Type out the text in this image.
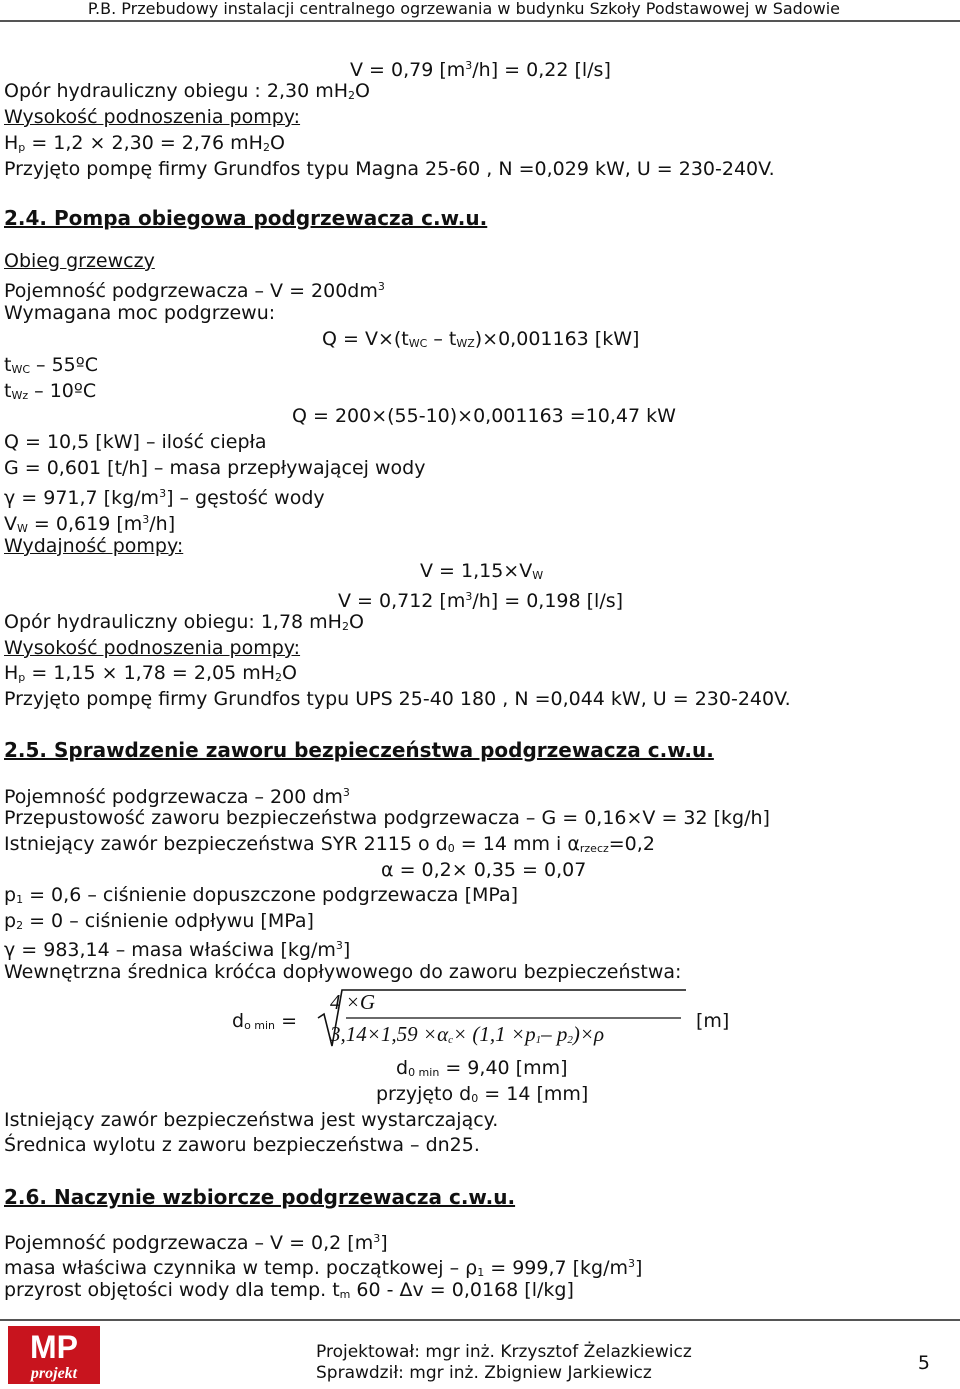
P.B. Przebudowy instalacji centralnego ogrzewania w budynku Szkoły Podstawowej w Sadowie
V = 0,79 $[m^3/h] = 0,22$ [l/s]
Opór hydrauliczny obiegu : 2,30 $mH_2O$
Wysokość podnoszenia pompy:
$H_p = 1,2 \times 2,30 = 2,76$ $mH_2O$
Przyjęto pompę firmy Grundfos typu Magna 25-60 , N =0,029 kW, U = 230-240V.
2.4. Pompa obiegowa podgrzewacza c.w.u.
Obieg grzewczy
Pojemność podgrzewacza – $V = 200dm^3$
Wymagana moc podgrzewu:
$Q = V\times(t_{WC} - t_{WZ})\times 0,001163$ [kW]
$t_{WC}$ – 55ºC
$t_{Wz}$ – 10ºC
Q = 200×(55-10)×0,001163 =10,47 kW
Q = 10,5 [kW] – ilość ciepła
G = 0,601 [t/h] – masa przepływającej wody
γ = 971,7 $[kg/m^3]$ – gęstość wody
$V_W = 0,619$ $[m^3/h]$
Wydajność pompy:
$V = 1,15\times V_W$
V = 0,712 $[m^3/h] = 0,198$ [l/s]
Opór hydrauliczny obiegu: 1,78 $mH_2O$
Wysokość podnoszenia pompy:
$H_p = 1,15 \times 1,78 = 2,05$ $mH_2O$
Przyjęto pompę firmy Grundfos typu UPS 25-40 180 , N =0,044 kW, U = 230-240V.
2.5. Sprawdzenie zaworu bezpieczeństwa podgrzewacza c.w.u.
Pojemność podgrzewacza – 200 $dm^3$
Przepustowość zaworu bezpieczeństwa podgrzewacza – G = 0,16×V = 32 [kg/h]
Istniejący zawór bezpieczeństwa SYR 2115 o $d_0 = 14$ mm i $\alpha_{rzecz}=0,2$
α = 0,2× 0,35 = 0,07
$p_1 = 0,6$ – ciśnienie dopuszczone podgrzewacza [MPa]
$p_2 = 0$ – ciśnienie odpływu [MPa]
γ = 983,14 – masa właściwa $[kg/m^3]$
Wewnętrzna średnica króćca dopływowego do zaworu bezpieczeństwa:
$d_{o min}$ =
4 ×G
$3,14\times 1,59 \times\alpha_c\times (1,1 \times p_1-$ $p_2)\times\rho$
[m]
$d_{0 min} = 9,40$ [mm]
przyjęto $d_0 = 14$ [mm]
Istniejący zawór bezpieczeństwa jest wystarczający.
Średnica wylotu z zaworu bezpieczeństwa – dn25.
2.6. Naczynie wzbiorcze podgrzewacza c.w.u.
Pojemność podgrzewacza – V = 0,2 $[m^3]$
masa właściwa czynnika w temp. początkowej – $\rho_1 = 999,7$ $[kg/m^3]$
przyrost objętości wody dla temp. $t_m$ 60 - Δv = 0,0168 [l/kg]
MP
projekt
Projektował: mgr inż. Krzysztof Żelazkiewicz
Sprawdził: mgr inż. Zbigniew Jarkiewicz	5
